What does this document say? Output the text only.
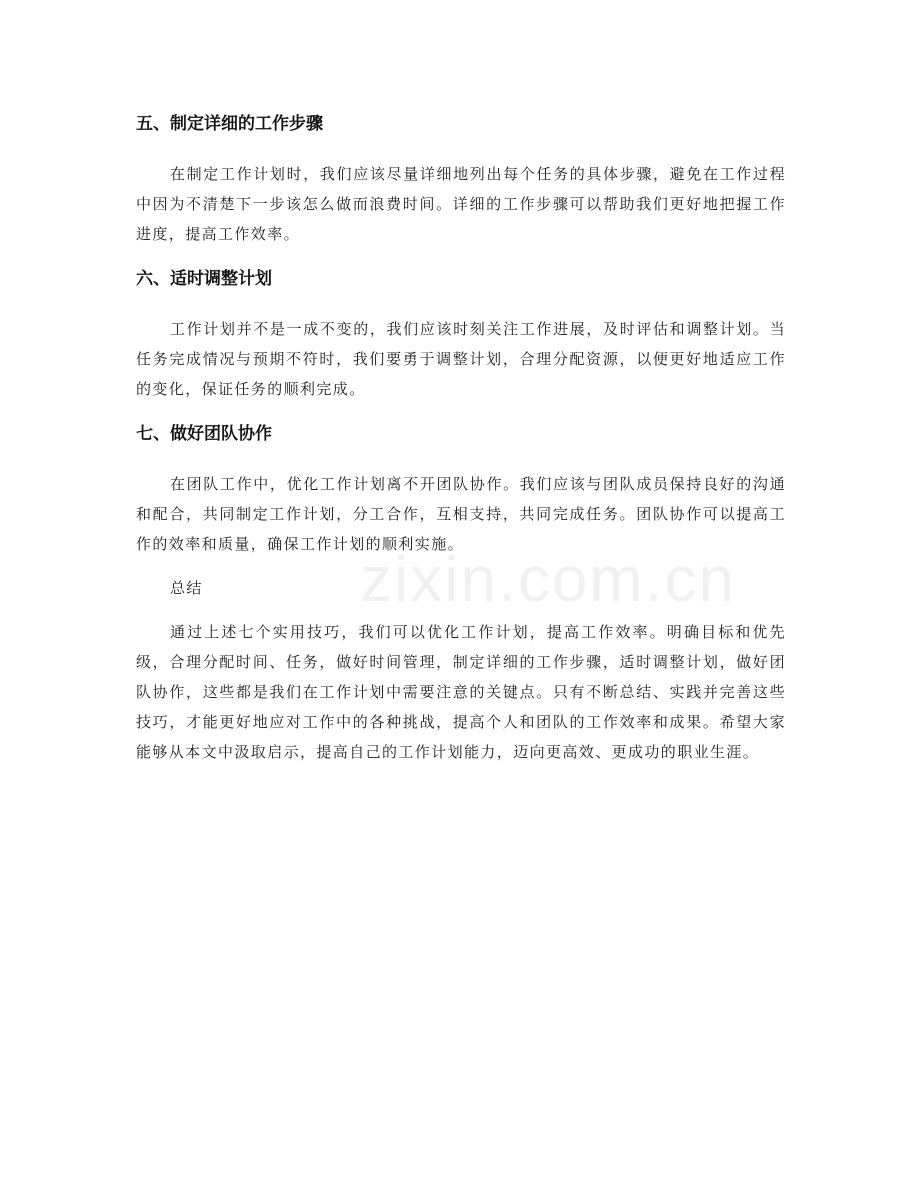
五、制定详细的工作步骤

在制定工作计划时，我们应该尽量详细地列出每个任务的具体步骤，避免在工作过程中因为不清楚下一步该怎么做而浪费时间。详细的工作步骤可以帮助我们更好地把握工作进度，提高工作效率。

六、适时调整计划

工作计划并不是一成不变的，我们应该时刻关注工作进展，及时评估和调整计划。当任务完成情况与预期不符时，我们要勇于调整计划，合理分配资源，以便更好地适应工作的变化，保证任务的顺利完成。

七、做好团队协作

在团队工作中，优化工作计划离不开团队协作。我们应该与团队成员保持良好的沟通和配合，共同制定工作计划，分工合作，互相支持，共同完成任务。团队协作可以提高工作的效率和质量，确保工作计划的顺利实施。

总结

通过上述七个实用技巧，我们可以优化工作计划，提高工作效率。明确目标和优先级，合理分配时间、任务，做好时间管理，制定详细的工作步骤，适时调整计划，做好团队协作，这些都是我们在工作计划中需要注意的关键点。只有不断总结、实践并完善这些技巧，才能更好地应对工作中的各种挑战，提高个人和团队的工作效率和成果。希望大家能够从本文中汲取启示，提高自己的工作计划能力，迈向更高效、更成功的职业生涯。

zixin.com.cn
